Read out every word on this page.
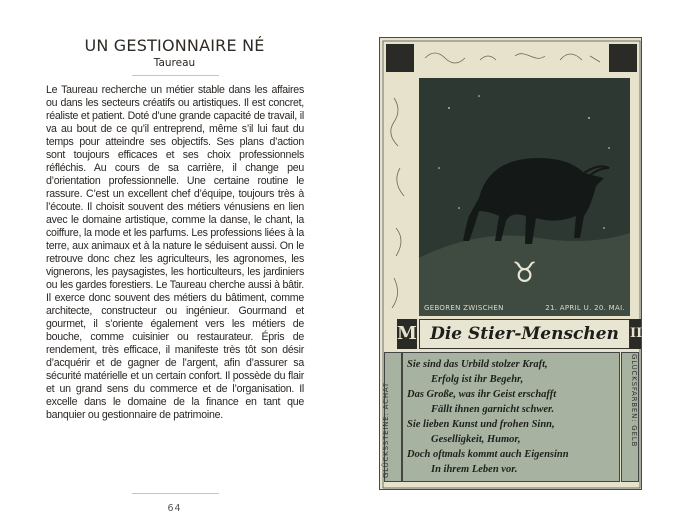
UN GESTIONNAIRE NÉ
Taureau
Le Taureau recherche un métier stable dans les affaires ou dans les secteurs créatifs ou artistiques. Il est concret, réaliste et patient. Doté d’une grande capacité de travail, il va au bout de ce qu’il entreprend, même s’il lui faut du temps pour atteindre ses objectifs. Ses plans d’action sont toujours efficaces et ses choix professionnels réfléchis. Au cours de sa carrière, il change peu d’orientation professionnelle. Une certaine routine le rassure. C’est un excellent chef d’équipe, toujours très à l’écoute. Il choisit souvent des métiers vénusiens en lien avec le domaine artistique, comme la danse, le chant, la coiffure, la mode et les parfums. Les professions liées à la terre, aux animaux et à la nature le séduisent aussi. On le retrouve donc chez les agriculteurs, les agronomes, les vignerons, les paysagistes, les horticulteurs, les jardiniers ou les gardes forestiers. Le Taureau cherche aussi à bâtir. Il exerce donc souvent des métiers du bâtiment, comme architecte, constructeur ou ingénieur. Gourmand et gourmet, il s’oriente également vers les métiers de bouche, comme cuisinier ou restaurateur. Épris de rendement, très efficace, il manifeste très tôt son désir d’acquérir et de gagner de l’argent, afin d’assurer sa sécurité matérielle et un certain confort. Il possède du flair et un grand sens du commerce et de l’organisation. Il excelle dans le domaine de la finance en tant que banquier ou gestionnaire de patrimoine.
64
♉
GEBOREN ZWISCHEN	21. APRIL U. 20. MAI.
M Die Stier-Menschen II
Sie sind das Urbild stolzer Kraft,
Erfolg ist ihr Begehr,
Das Große, was ihr Geist erschafft
Fällt ihnen garnicht schwer.
Sie lieben Kunst und frohen Sinn,
Geselligkeit, Humor,
Doch oftmals kommt auch Eigensinn
In ihrem Leben vor.
GLÜCKSSTEINE: ACHAT	GLÜCKSFARBEN: GELB
